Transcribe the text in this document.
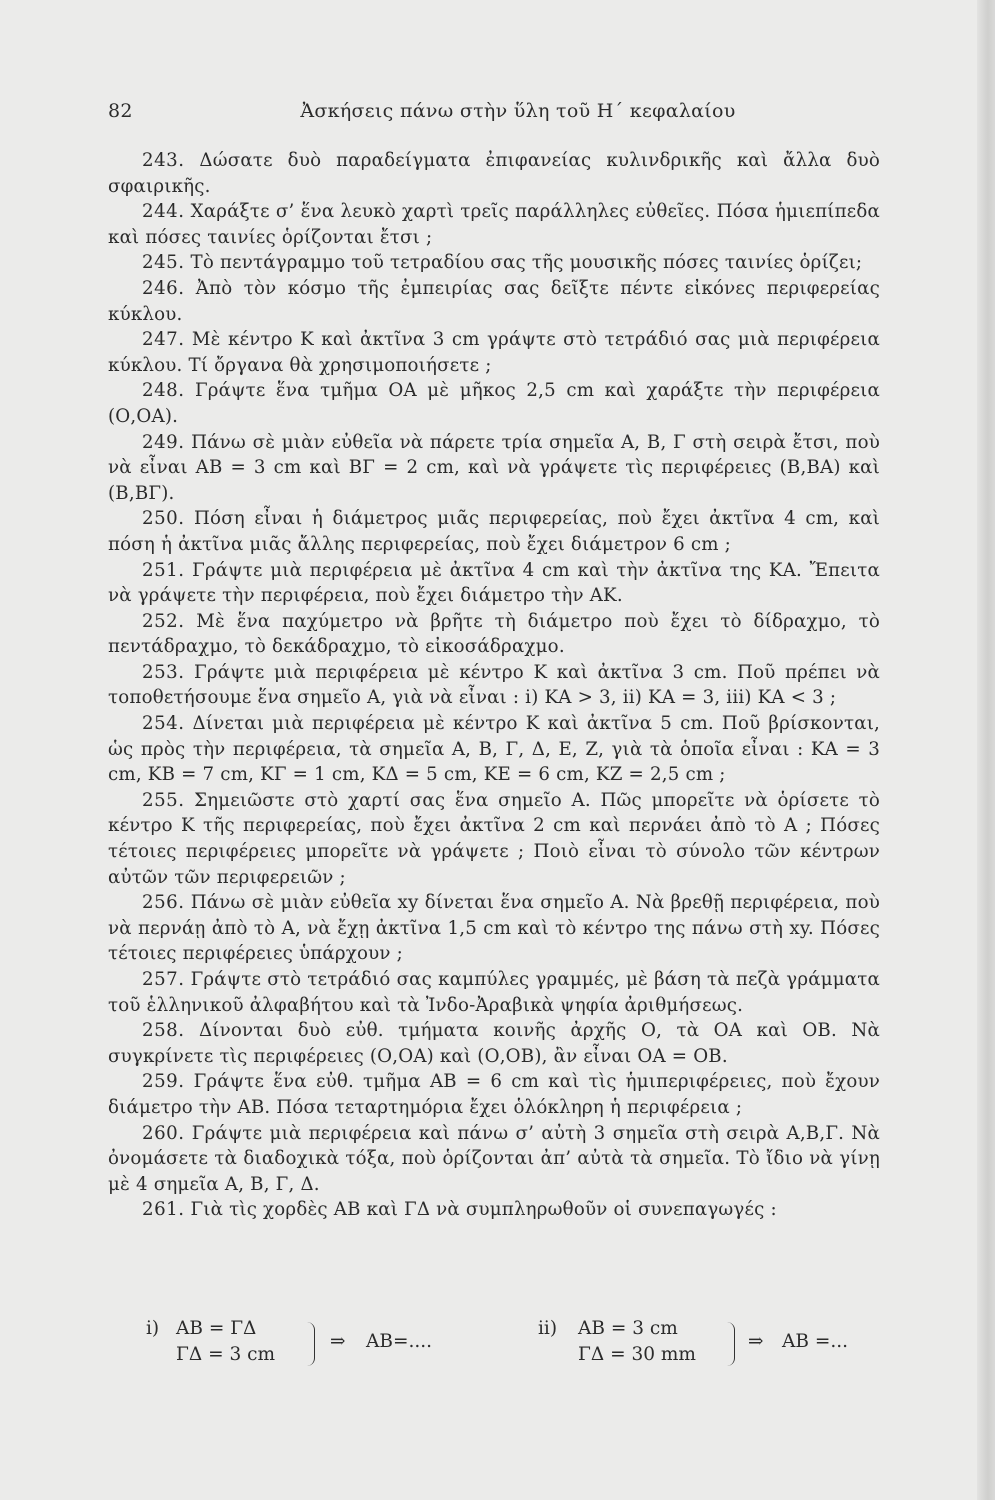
82	Ἀσκήσεις πάνω στὴν ὕλη τοῦ Η΄ κεφαλαίου

243. Δώσατε δυὸ παραδείγματα ἐπιφανείας κυλινδρικῆς καὶ ἄλλα δυὸ σφαιρικῆς.

244. Χαράξτε σ’ ἕνα λευκὸ χαρτὶ τρεῖς παράλληλες εὐθεῖες. Πόσα ἡμιεπίπεδα καὶ πόσες ταινίες ὁρίζονται ἔτσι ;

245. Τὸ πεντάγραμμο τοῦ τετραδίου σας τῆς μουσικῆς πόσες ταινίες ὁρίζει;

246. Ἀπὸ τὸν κόσμο τῆς ἐμπειρίας σας δεῖξτε πέντε εἰκόνες περιφερείας κύκλου.

247. Μὲ κέντρο Κ καὶ ἀκτῖνα 3 cm γράψτε στὸ τετράδιό σας μιὰ περιφέρεια κύκλου. Τί ὄργανα θὰ χρησιμοποιήσετε ;

248. Γράψτε ἕνα τμῆμα ΟΑ μὲ μῆκος 2,5 cm καὶ χαράξτε τὴν περιφέρεια (Ο,ΟΑ).

249. Πάνω σὲ μιὰν εὐθεῖα νὰ πάρετε τρία σημεῖα Α, Β, Γ στὴ σειρὰ ἔτσι, ποὺ νὰ εἶναι ΑΒ = 3 cm καὶ ΒΓ = 2 cm, καὶ νὰ γράψετε τὶς περιφέρειες (Β,ΒΑ) καὶ (Β,ΒΓ).

250. Πόση εἶναι ἡ διάμετρος μιᾶς περιφερείας, ποὺ ἔχει ἀκτῖνα 4 cm, καὶ πόση ἡ ἀκτῖνα μιᾶς ἄλλης περιφερείας, ποὺ ἔχει διάμετρον 6 cm ;

251. Γράψτε μιὰ περιφέρεια μὲ ἀκτῖνα 4 cm καὶ τὴν ἀκτῖνα της ΚΑ. Ἔπειτα νὰ γράψετε τὴν περιφέρεια, ποὺ ἔχει διάμετρο τὴν ΑΚ.

252. Μὲ ἕνα παχύμετρο νὰ βρῆτε τὴ διάμετρο ποὺ ἔχει τὸ δίδραχμο, τὸ πεντάδραχμο, τὸ δεκάδραχμο, τὸ εἰκοσάδραχμο.

253. Γράψτε μιὰ περιφέρεια μὲ κέντρο Κ καὶ ἀκτῖνα 3 cm. Ποῦ πρέπει νὰ τοποθετήσουμε ἕνα σημεῖο Α, γιὰ νὰ εἶναι : i) ΚΑ > 3, ii) ΚΑ = 3, iii) ΚΑ < 3 ;

254. Δίνεται μιὰ περιφέρεια μὲ κέντρο Κ καὶ ἀκτῖνα 5 cm. Ποῦ βρίσκονται, ὡς πρὸς τὴν περιφέρεια, τὰ σημεῖα Α, Β, Γ, Δ, Ε, Ζ, γιὰ τὰ ὁποῖα εἶναι : ΚΑ = 3 cm, ΚΒ = 7 cm, ΚΓ = 1 cm, ΚΔ = 5 cm, ΚΕ = 6 cm, ΚΖ = 2,5 cm ;

255. Σημειῶστε στὸ χαρτί σας ἕνα σημεῖο Α. Πῶς μπορεῖτε νὰ ὁρίσετε τὸ κέντρο Κ τῆς περιφερείας, ποὺ ἔχει ἀκτῖνα 2 cm καὶ περνάει ἀπὸ τὸ Α ; Πόσες τέτοιες περιφέρειες μπορεῖτε νὰ γράψετε ; Ποιὸ εἶναι τὸ σύνολο τῶν κέντρων αὐτῶν τῶν περιφερειῶν ;

256. Πάνω σὲ μιὰν εὐθεῖα xy δίνεται ἕνα σημεῖο Α. Νὰ βρεθῇ περιφέρεια, ποὺ νὰ περνάῃ ἀπὸ τὸ Α, νὰ ἔχῃ ἀκτῖνα 1,5 cm καὶ τὸ κέντρο της πάνω στὴ xy. Πόσες τέτοιες περιφέρειες ὑπάρχουν ;

257. Γράψτε στὸ τετράδιό σας καμπύλες γραμμές, μὲ βάση τὰ πεζὰ γράμματα τοῦ ἑλληνικοῦ ἀλφαβήτου καὶ τὰ Ἰνδο-Ἀραβικὰ ψηφία ἀριθμήσεως.

258. Δίνονται δυὸ εὐθ. τμήματα κοινῆς ἀρχῆς Ο, τὰ ΟΑ καὶ ΟΒ. Νὰ συγκρίνετε τὶς περιφέρειες (Ο,ΟΑ) καὶ (Ο,ΟΒ), ἂν εἶναι ΟΑ = ΟΒ.

259. Γράψτε ἕνα εὐθ. τμῆμα ΑΒ = 6 cm καὶ τὶς ἡμιπεριφέρειες, ποὺ ἔχουν διάμετρο τὴν ΑΒ. Πόσα τεταρτημόρια ἔχει ὁλόκληρη ἡ περιφέρεια ;

260. Γράψτε μιὰ περιφέρεια καὶ πάνω σ’ αὐτὴ 3 σημεῖα στὴ σειρὰ Α,Β,Γ. Νὰ ὀνομάσετε τὰ διαδοχικὰ τόξα, ποὺ ὁρίζονται ἀπ’ αὐτὰ τὰ σημεῖα. Τὸ ἴδιο νὰ γίνῃ μὲ 4 σημεῖα Α, Β, Γ, Δ.

261. Γιὰ τὶς χορδὲς ΑΒ καὶ ΓΔ νὰ συμπληρωθοῦν οἱ συνεπαγωγές :

i) ΑΒ = ΓΔ
ΓΔ = 3 cm
⇒ ΑΒ=....
ii) ΑΒ = 3 cm
ΓΔ = 30 mm
⇒ ΑΒ =...
